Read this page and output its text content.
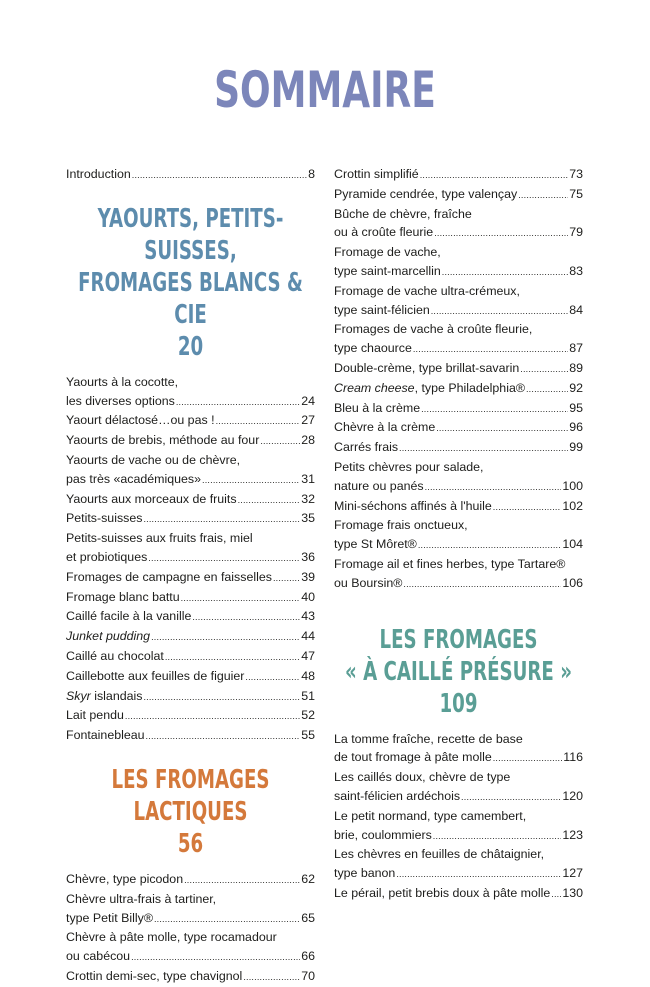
SOMMAIRE
Introduction .....	8
YAOURTS, PETITS-SUISSES,
FROMAGES BLANCS & CIE
20
Yaourts à la cocotte,
les diverses options .....	24
Yaourt délactosé…ou pas ! .....	27
Yaourts de brebis, méthode au four .....	28
Yaourts de vache ou de chèvre,
pas très «académiques» .....	31
Yaourts aux morceaux de fruits .....	32
Petits-suisses .....	35
Petits-suisses aux fruits frais, miel
et probiotiques .....	36
Fromages de campagne en faisselles ..... 39
Fromage blanc battu .....	40
Caillé facile à la vanille .....	43
Junket pudding .....	44
Caillé au chocolat .....	47
Caillebotte aux feuilles de figuier .....	48
Skyr islandais .....	51
Lait pendu .....	52
Fontainebleau .....	55
LES FROMAGES LACTIQUES
56
Chèvre, type picodon .....	62
Chèvre ultra-frais à tartiner,
type Petit Billy® .....	65
Chèvre à pâte molle, type rocamadour
ou cabécou .....	66
Crottin demi-sec, type chavignol .....	70
Crottin simplifié .....	73
Pyramide cendrée, type valençay .....	75
Bûche de chèvre, fraîche
ou à croûte fleurie .....	79
Fromage de vache,
type saint-marcellin .....	83
Fromage de vache ultra-crémeux,
type saint-félicien .....	84
Fromages de vache à croûte fleurie,
type chaource .....	87
Double-crème, type brillat-savarin .....	89
Cream cheese, type Philadelphia® .....	92
Bleu à la crème .....	95
Chèvre à la crème .....	96
Carrés frais .....	99
Petits chèvres pour salade,
nature ou panés .....	100
Mini-séchons affinés à l'huile .....	102
Fromage frais onctueux,
type St Môret® .....	104
Fromage ail et fines herbes, type Tartare®
ou Boursin® .....	106
LES FROMAGES
« À CAILLÉ PRÉSURE »
109
La tomme fraîche, recette de base
de tout fromage à pâte molle .....	116
Les caillés doux, chèvre de type
saint-félicien ardéchois .....	120
Le petit normand, type camembert,
brie, coulommiers .....	123
Les chèvres en feuilles de châtaignier,
type banon .....	127
Le pérail, petit brebis doux à pâte molle ..... 130
